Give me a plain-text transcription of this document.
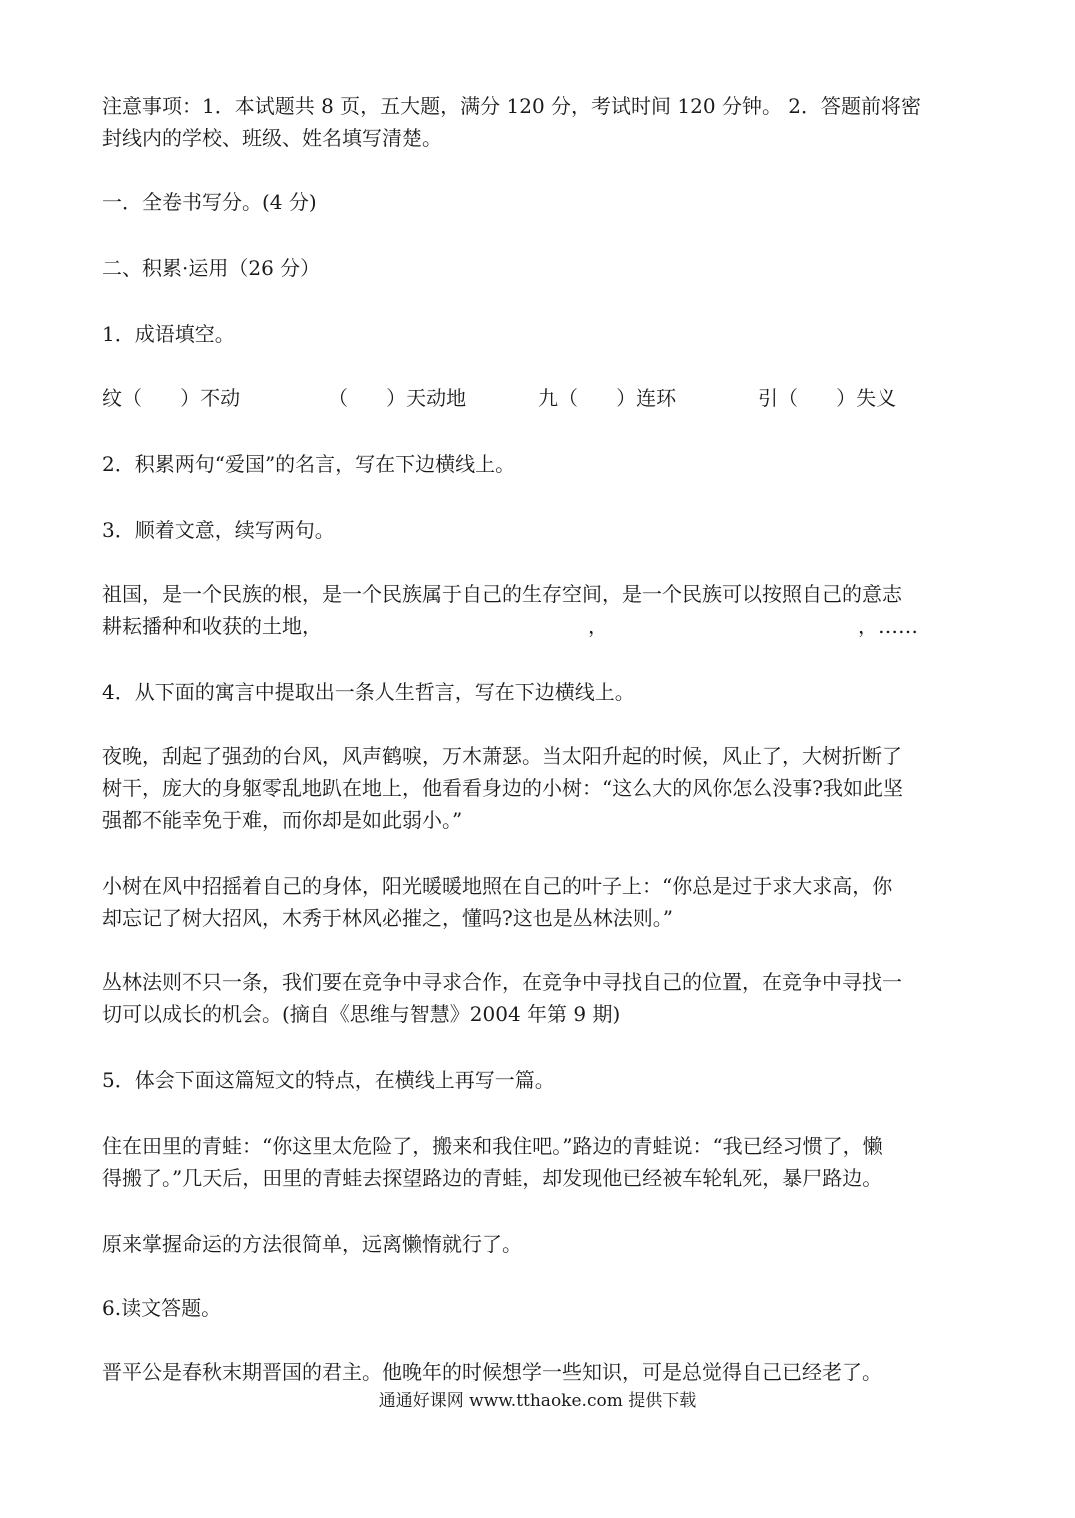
注意事项：1．本试题共 8 页，五大题，满分 120 分，考试时间 120 分钟。 2．答题前将密
封线内的学校、班级、姓名填写清楚。
一．全卷书写分。(4 分)
二、积累·运用（26 分）
1．成语填空。
纹（      ）不动	（      ）天动地	九（      ）连环	引（      ）失义
2．积累两句“爱国”的名言，写在下边横线上。
3．顺着文意，续写两句。
祖国，是一个民族的根，是一个民族属于自己的生存空间，是一个民族可以按照自己的意志
耕耘播种和收获的土地，	，	，……
4．从下面的寓言中提取出一条人生哲言，写在下边横线上。
夜晚，刮起了强劲的台风，风声鹤唳，万木萧瑟。当太阳升起的时候，风止了，大树折断了
树干，庞大的身躯零乱地趴在地上，他看看身边的小树：“这么大的风你怎么没事?我如此坚
强都不能幸免于难，而你却是如此弱小。”
小树在风中招摇着自己的身体，阳光暖暖地照在自己的叶子上：“你总是过于求大求高，你
却忘记了树大招风，木秀于林风必摧之，懂吗?这也是丛林法则。”
丛林法则不只一条，我们要在竞争中寻求合作，在竞争中寻找自己的位置，在竞争中寻找一
切可以成长的机会。(摘自《思维与智慧》2004 年第 9 期)
5．体会下面这篇短文的特点，在横线上再写一篇。
住在田里的青蛙：“你这里太危险了，搬来和我住吧。”路边的青蛙说：“我已经习惯了，懒
得搬了。”几天后，田里的青蛙去探望路边的青蛙，却发现他已经被车轮轧死，暴尸路边。
原来掌握命运的方法很简单，远离懒惰就行了。
6.读文答题。
晋平公是春秋末期晋国的君主。他晚年的时候想学一些知识，可是总觉得自己已经老了。
通通好课网 www.tthaoke.com 提供下载
